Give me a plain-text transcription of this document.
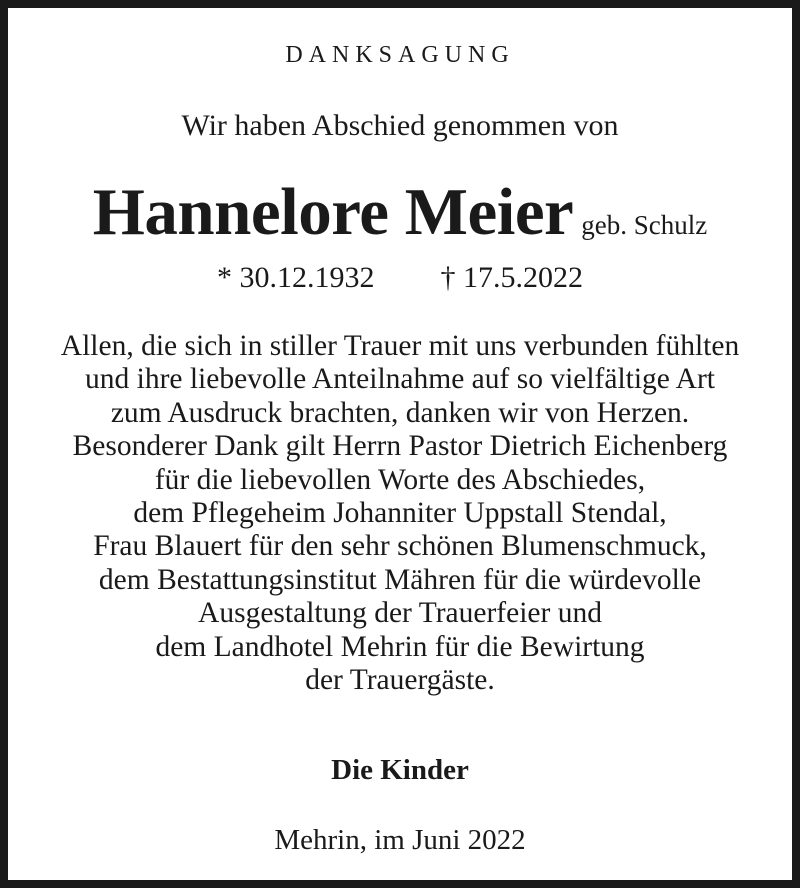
DANKSAGUNG
Wir haben Abschied genommen von
Hannelore Meier geb. Schulz
* 30.12.1932 † 17.5.2022
Allen, die sich in stiller Trauer mit uns verbunden fühlten
und ihre liebevolle Anteilnahme auf so vielfältige Art
zum Ausdruck brachten, danken wir von Herzen.
Besonderer Dank gilt Herrn Pastor Dietrich Eichenberg
für die liebevollen Worte des Abschiedes,
dem Pflegeheim Johanniter Uppstall Stendal,
Frau Blauert für den sehr schönen Blumenschmuck,
dem Bestattungsinstitut Mähren für die würdevolle
Ausgestaltung der Trauerfeier und
dem Landhotel Mehrin für die Bewirtung
der Trauergäste.
Die Kinder
Mehrin, im Juni 2022
